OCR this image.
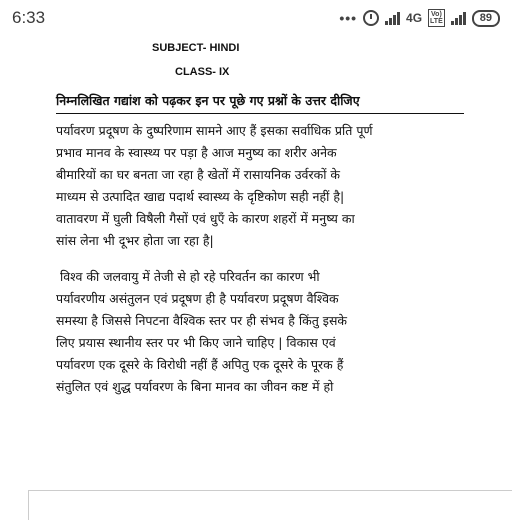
6:33	•••	4G	Vo)
LTE	89
SUBJECT- HINDI
CLASS- IX
निम्नलिखित गद्यांश को पढ़कर इन पर पूछे गए प्रश्नों के उत्तर दीजिए
पर्यावरण प्रदूषण के दुष्परिणाम सामने आए हैं इसका सर्वाधिक प्रति पूर्ण
प्रभाव मानव के स्वास्थ्य पर पड़ा है आज मनुष्य का शरीर अनेक
बीमारियों का घर बनता जा रहा है खेतों में रासायनिक उर्वरकों के
माध्यम से उत्पादित खाद्य पदार्थ स्वास्थ्य के दृष्टिकोण सही नहीं है|
वातावरण में घुली विषैली गैसों एवं धुएँ के कारण शहरों में मनुष्य का
सांस लेना भी दूभर होता जा रहा है|
विश्व की जलवायु में तेजी से हो रहे परिवर्तन का कारण भी
पर्यावरणीय असंतुलन एवं प्रदूषण ही है पर्यावरण प्रदूषण वैश्विक
समस्या है जिससे निपटना वैश्विक स्तर पर ही संभव है किंतु इसके
लिए प्रयास स्थानीय स्तर पर भी किए जाने चाहिए | विकास एवं
पर्यावरण एक दूसरे के विरोधी नहीं हैं अपितु एक दूसरे के पूरक हैं
संतुलित एवं शुद्ध पर्यावरण के बिना मानव का जीवन कष्ट में हो
